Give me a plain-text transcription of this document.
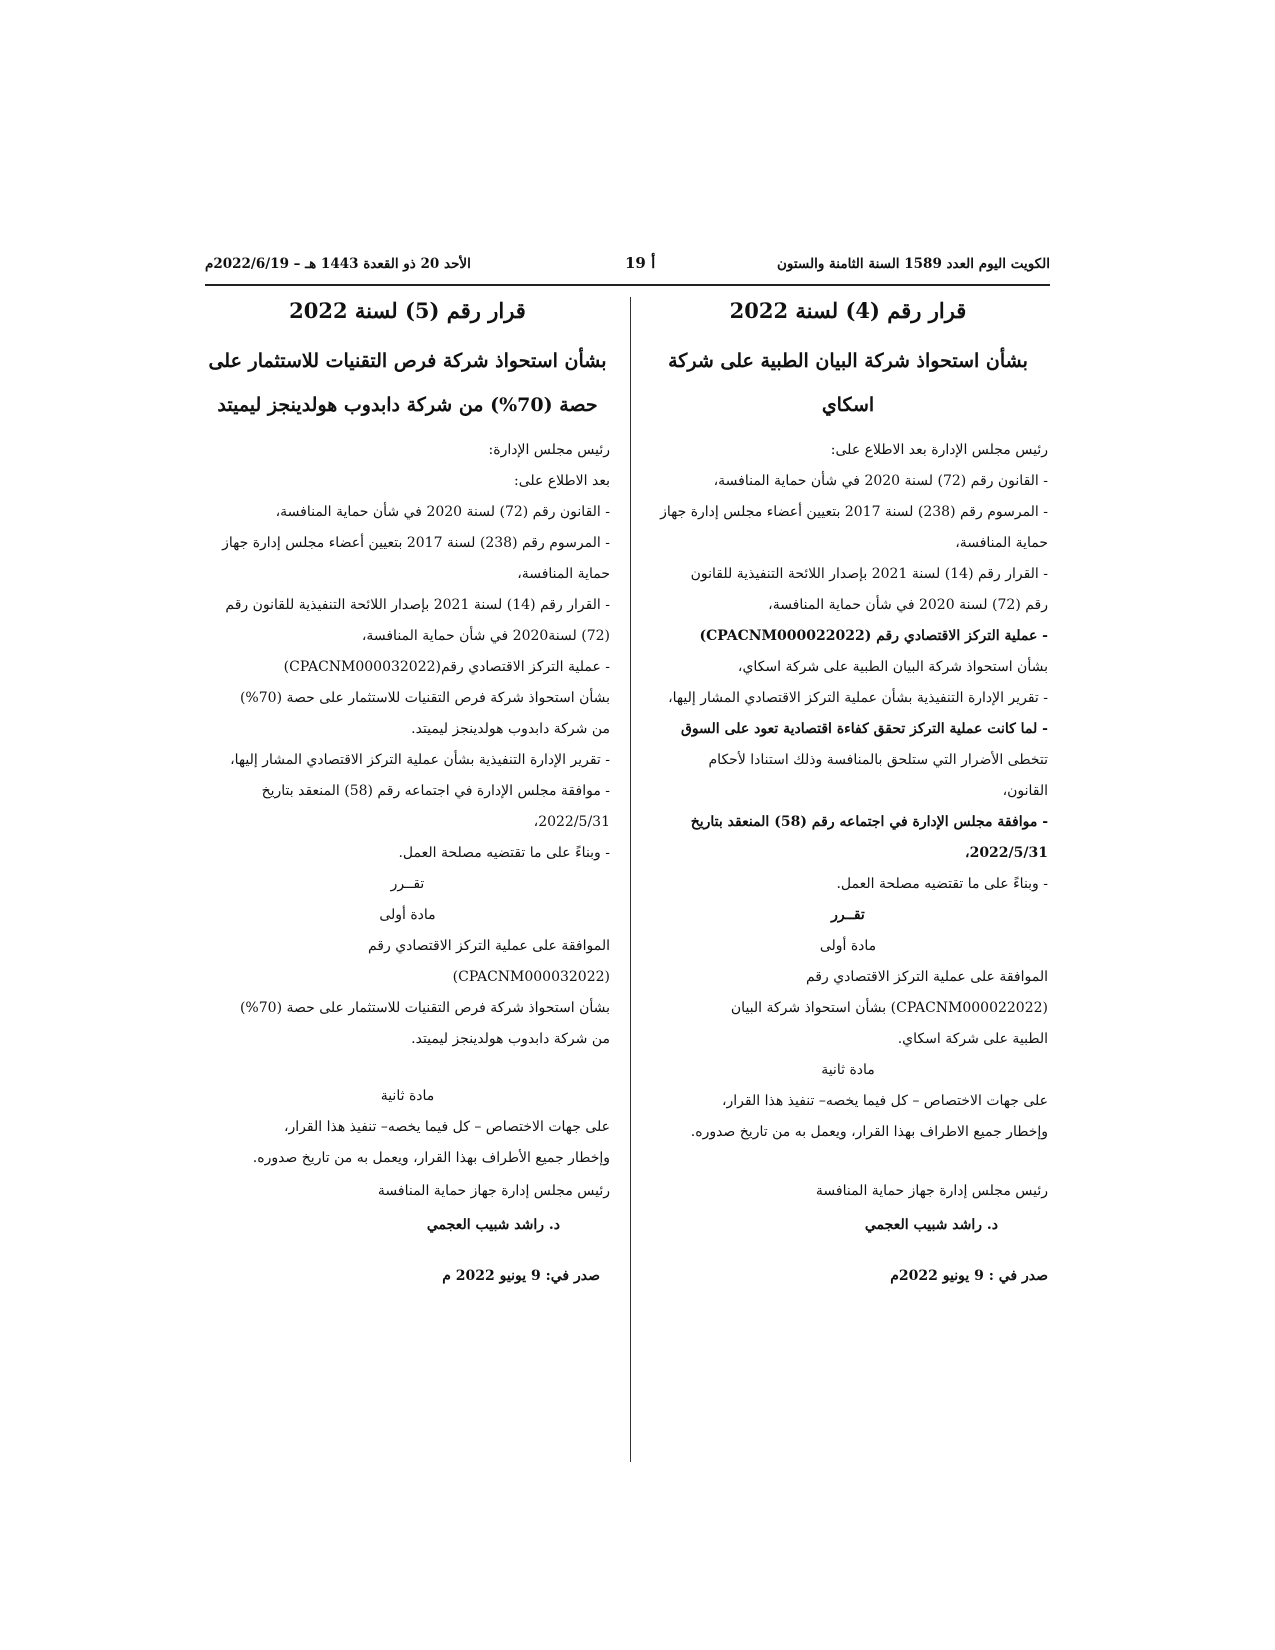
الكويت اليوم العدد 1589 السنة الثامنة والستون
أ 19
الأحد 20 ذو القعدة 1443 هـ – 2022/6/19م

قرار رقم (4) لسنة 2022

بشأن استحواذ شركة البيان الطبية على شركة اسكاي

رئيس مجلس الإدارة بعد الاطلاع على:

- القانون رقم (72) لسنة 2020 في شأن حماية المنافسة،

- المرسوم رقم (238) لسنة 2017 بتعيين أعضاء مجلس إدارة جهاز

حماية المنافسة،

- القرار رقم (14) لسنة 2021 بإصدار اللائحة التنفيذية للقانون

رقم (72) لسنة 2020 في شأن حماية المنافسة،

- عملية التركز الاقتصادي رقم (CPACNM000022022)

بشأن استحواذ شركة البيان الطبية على شركة اسكاي،

- تقرير الإدارة التنفيذية بشأن عملية التركز الاقتصادي المشار إليها،

- لما كانت عملية التركز تحقق كفاءة اقتصادية تعود على السوق

تتخطى الأضرار التي ستلحق بالمنافسة وذلك استنادا لأحكام

القانون،

- موافقة مجلس الإدارة في اجتماعه رقم (58) المنعقد بتاريخ

2022/5/31،

- وبناءً على ما تقتضيه مصلحة العمل.

تقــرر

مادة أولى

الموافقة على عملية التركز الاقتصادي رقم

(CPACNM000022022) بشأن استحواذ شركة البيان

الطبية على شركة اسكاي.

مادة ثانية

على جهات الاختصاص – كل فيما يخصه– تنفيذ هذا القرار،

وإخطار جميع الاطراف بهذا القرار، ويعمل به من تاريخ صدوره.

رئيس مجلس إدارة جهاز حماية المنافسة

د. راشد شبيب العجمي

صدر في : 9 يونيو 2022م

قرار رقم (5) لسنة 2022

بشأن استحواذ شركة فرص التقنيات للاستثمار على

حصة (70%) من شركة دابدوب هولدينجز ليميتد

رئيس مجلس الإدارة:

بعد الاطلاع على:

- القانون رقم (72) لسنة 2020 في شأن حماية المنافسة،

- المرسوم رقم (238) لسنة 2017 بتعيين أعضاء مجلس إدارة جهاز

حماية المنافسة،

- القرار رقم (14) لسنة 2021 بإصدار اللائحة التنفيذية للقانون رقم

(72) لسنة2020 في شأن حماية المنافسة،

- عملية التركز الاقتصادي رقم(CPACNM000032022)

بشأن استحواذ شركة فرص التقنيات للاستثمار على حصة (70%)

من شركة دابدوب هولدينجز ليميتد.

- تقرير الإدارة التنفيذية بشأن عملية التركز الاقتصادي المشار إليها،

- موافقة مجلس الإدارة في اجتماعه رقم (58) المنعقد بتاريخ

2022/5/31،

- وبناءً على ما تقتضيه مصلحة العمل.

تقــرر

مادة أولى

الموافقة على عملية التركز الاقتصادي رقم

(CPACNM000032022)

بشأن استحواذ شركة فرص التقنيات للاستثمار على حصة (70%)

من شركة دابدوب هولدينجز ليميتد.

مادة ثانية

على جهات الاختصاص – كل فيما يخصه– تنفيذ هذا القرار،

وإخطار جميع الأطراف بهذا القرار، ويعمل به من تاريخ صدوره.

رئيس مجلس إدارة جهاز حماية المنافسة

د. راشد شبيب العجمي

صدر في: 9 يونيو 2022 م
